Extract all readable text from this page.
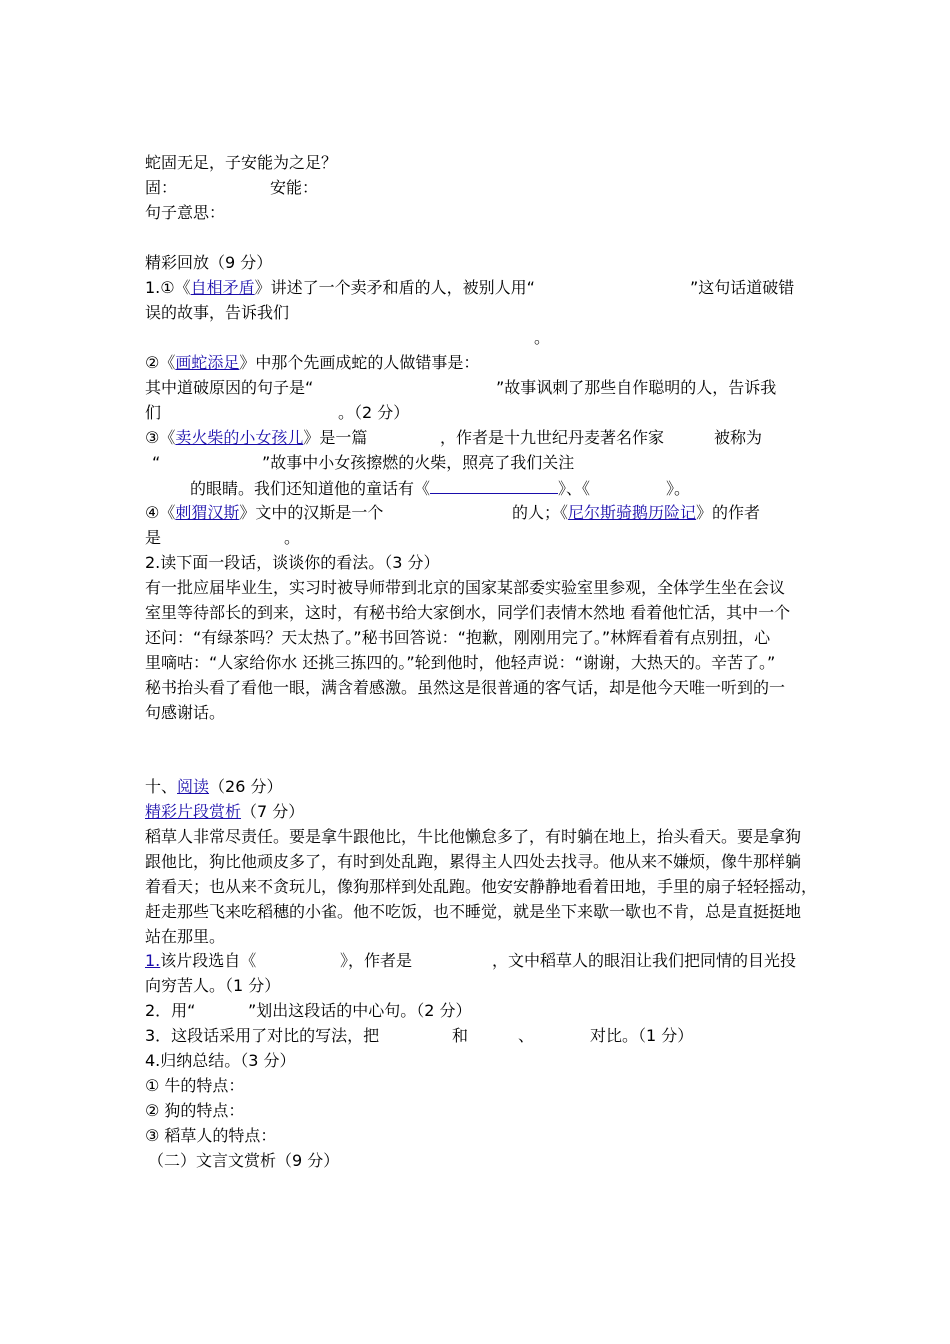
蛇固无足，子安能为之足？
固：	安能：
句子意思：
精彩回放（9 分）
1.①《自相矛盾》讲述了一个卖矛和盾的人，被别人用“	”这句话道破错
误的故事，告诉我们
。
②《画蛇添足》中那个先画成蛇的人做错事是：
其中道破原因的句子是“	”故事讽刺了那些自作聪明的人，告诉我
们	。（2 分）
③《卖火柴的小女孩儿》是一篇	，作者是十九世纪丹麦著名作家	被称为
“	”故事中小女孩擦燃的火柴，照亮了我们关注
的眼睛。我们还知道他的童话有《	》、《	》。
④《刺猬汉斯》文中的汉斯是一个	的人；《尼尔斯骑鹅历险记》的作者
是	。
2.读下面一段话，谈谈你的看法。（3 分）
有一批应届毕业生，实习时被导师带到北京的国家某部委实验室里参观，全体学生坐在会议
室里等待部长的到来，这时，有秘书给大家倒水，同学们表情木然地 看着他忙活，其中一个
还问：“有绿茶吗？天太热了。”秘书回答说：“抱歉，刚刚用完了。”林辉看着有点别扭，心
里嘀咕：“人家给你水 还挑三拣四的。”轮到他时，他轻声说：“谢谢，大热天的。辛苦了。”
秘书抬头看了看他一眼，满含着感激。虽然这是很普通的客气话，却是他今天唯一听到的一
句感谢话。
十、阅读（26 分）
精彩片段赏析（7 分）
稻草人非常尽责任。要是拿牛跟他比，牛比他懒怠多了，有时躺在地上，抬头看天。要是拿狗
跟他比，狗比他顽皮多了，有时到处乱跑，累得主人四处去找寻。他从来不嫌烦，像牛那样躺
着看天；也从来不贪玩儿，像狗那样到处乱跑。他安安静静地看着田地，手里的扇子轻轻摇动，
赶走那些飞来吃稻穗的小雀。他不吃饭，也不睡觉，就是坐下来歇一歇也不肯，总是直挺挺地
站在那里。
1.该片段选自《	》，作者是	，文中稻草人的眼泪让我们把同情的目光投
向穷苦人。（1 分）
2．用“	”划出这段话的中心句。（2 分）
3．这段话采用了对比的写法，把	和	、	对比。（1 分）
4.归纳总结。（3 分）
① 牛的特点：
② 狗的特点：
③ 稻草人的特点：
（二）文言文赏析（9 分）
